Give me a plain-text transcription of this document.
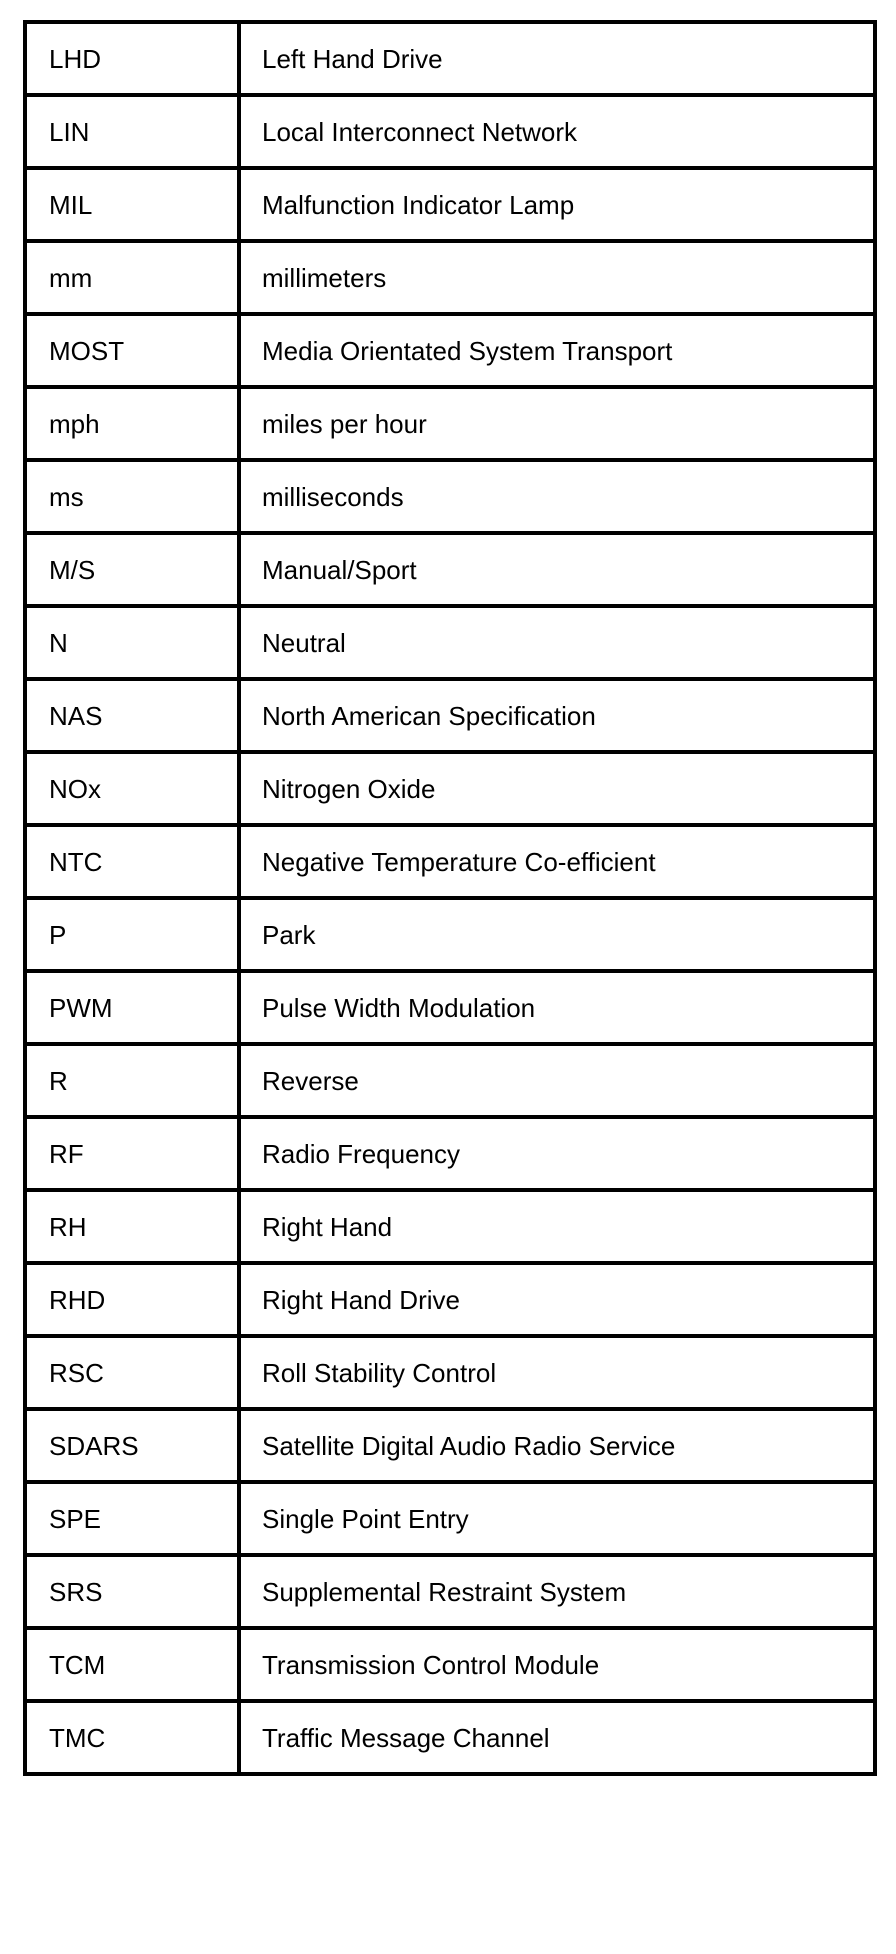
LHD	Left Hand Drive
LIN	Local Interconnect Network
MIL	Malfunction Indicator Lamp
mm	millimeters
MOST	Media Orientated System Transport
mph	miles per hour
ms	milliseconds
M/S	Manual/Sport
N	Neutral
NAS	North American Specification
NOx	Nitrogen Oxide
NTC	Negative Temperature Co-efficient
P	Park
PWM	Pulse Width Modulation
R	Reverse
RF	Radio Frequency
RH	Right Hand
RHD	Right Hand Drive
RSC	Roll Stability Control
SDARS	Satellite Digital Audio Radio Service
SPE	Single Point Entry
SRS	Supplemental Restraint System
TCM	Transmission Control Module
TMC	Traffic Message Channel
